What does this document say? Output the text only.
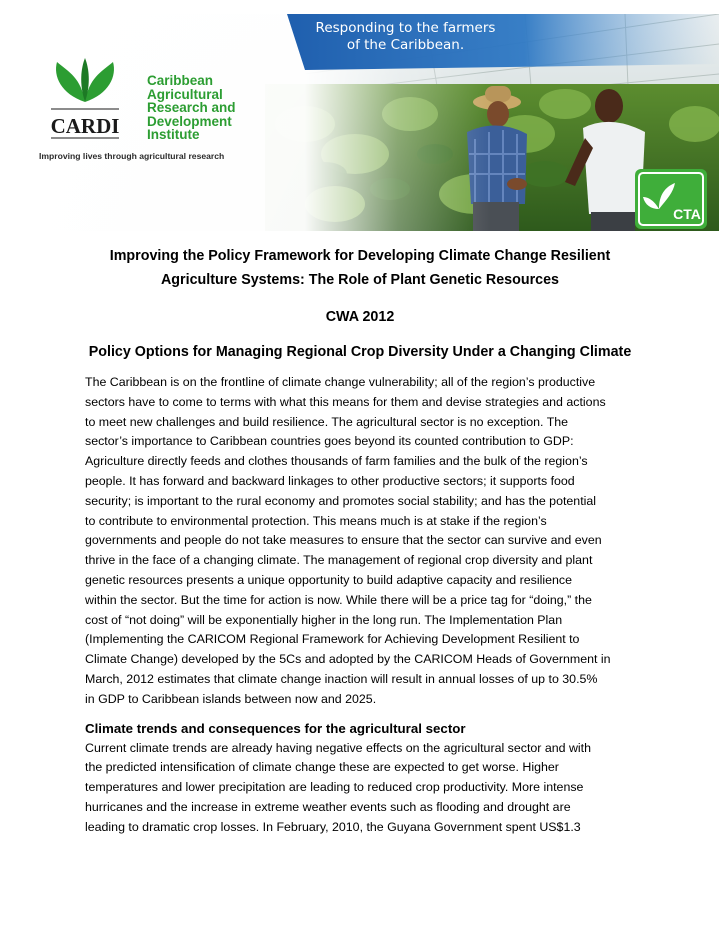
Responding to the farmers
of the Caribbean.
CARDI
Caribbean
Agricultural
Research and
Development
Institute
Improving lives through agricultural research
CTA
Improving the Policy Framework for Developing Climate Change Resilient
Agriculture Systems: The Role of Plant Genetic Resources
CWA 2012
Policy Options for Managing Regional Crop Diversity Under a Changing Climate
The Caribbean is on the frontline of climate change vulnerability; all of the region’s productive
sectors have to come to terms with what this means for them and devise strategies and actions
to meet new challenges and build resilience. The agricultural sector is no exception. The
sector’s importance to Caribbean countries goes beyond its counted contribution to GDP:
Agriculture directly feeds and clothes thousands of farm families and the bulk of the region’s
people. It has forward and backward linkages to other productive sectors; it supports food
security; is important to the rural economy and promotes social stability; and has the potential
to contribute to environmental protection. This means much is at stake if the region’s
governments and people do not take measures to ensure that the sector can survive and even
thrive in the face of a changing climate. The management of regional crop diversity and plant
genetic resources presents a unique opportunity to build adaptive capacity and resilience
within the sector. But the time for action is now. While there will be a price tag for “doing,” the
cost of “not doing” will be exponentially higher in the long run. The Implementation Plan
(Implementing the CARICOM Regional Framework for Achieving Development Resilient to
Climate Change) developed by the 5Cs and adopted by the CARICOM Heads of Government in
March, 2012 estimates that climate change inaction will result in annual losses of up to 30.5%
in GDP to Caribbean islands between now and 2025.
Climate trends and consequences for the agricultural sector
Current climate trends are already having negative effects on the agricultural sector and with
the predicted intensification of climate change these are expected to get worse. Higher
temperatures and lower precipitation are leading to reduced crop productivity. More intense
hurricanes and the increase in extreme weather events such as flooding and drought are
leading to dramatic crop losses. In February, 2010, the Guyana Government spent US$1.3
